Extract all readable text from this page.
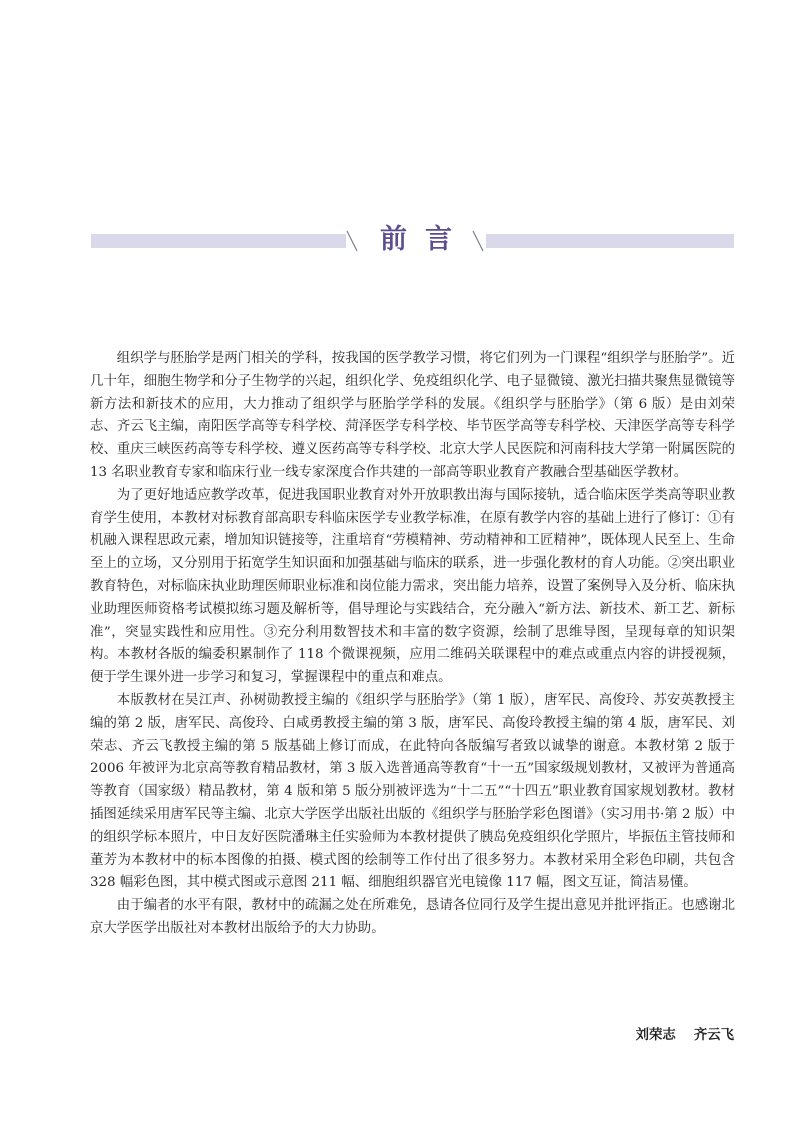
前言

组织学与胚胎学是两门相关的学科，按我国的医学教学习惯，将它们列为一门课程“组织学与胚胎学”。近几十年，细胞生物学和分子生物学的兴起，组织化学、免疫组织化学、电子显微镜、激光扫描共聚焦显微镜等新方法和新技术的应用，大力推动了组织学与胚胎学学科的发展。《组织学与胚胎学》（第 6 版）是由刘荣志、齐云飞主编，南阳医学高等专科学校、菏泽医学专科学校、毕节医学高等专科学校、天津医学高等专科学校、重庆三峡医药高等专科学校、遵义医药高等专科学校、北京大学人民医院和河南科技大学第一附属医院的 13 名职业教育专家和临床行业一线专家深度合作共建的一部高等职业教育产教融合型基础医学教材。

为了更好地适应教学改革，促进我国职业教育对外开放职教出海与国际接轨，适合临床医学类高等职业教育学生使用，本教材对标教育部高职专科临床医学专业教学标准，在原有教学内容的基础上进行了修订：①有机融入课程思政元素，增加知识链接等，注重培育“劳模精神、劳动精神和工匠精神”，既体现人民至上、生命至上的立场，又分别用于拓宽学生知识面和加强基础与临床的联系，进一步强化教材的育人功能。②突出职业教育特色，对标临床执业助理医师职业标准和岗位能力需求，突出能力培养，设置了案例导入及分析、临床执业助理医师资格考试模拟练习题及解析等，倡导理论与实践结合，充分融入“新方法、新技术、新工艺、新标准”，突显实践性和应用性。③充分利用数智技术和丰富的数字资源，绘制了思维导图，呈现每章的知识架构。本教材各版的编委积累制作了 118 个微课视频，应用二维码关联课程中的难点或重点内容的讲授视频，便于学生课外进一步学习和复习，掌握课程中的重点和难点。

本版教材在吴江声、孙树勋教授主编的《组织学与胚胎学》（第 1 版），唐军民、高俊玲、苏安英教授主编的第 2 版，唐军民、高俊玲、白咸勇教授主编的第 3 版，唐军民、高俊玲教授主编的第 4 版，唐军民、刘荣志、齐云飞教授主编的第 5 版基础上修订而成，在此特向各版编写者致以诚挚的谢意。本教材第 2 版于 2006 年被评为北京高等教育精品教材，第 3 版入选普通高等教育“十一五”国家级规划教材，又被评为普通高等教育（国家级）精品教材，第 4 版和第 5 版分别被评选为“十二五”“十四五”职业教育国家规划教材。教材插图延续采用唐军民等主编、北京大学医学出版社出版的《组织学与胚胎学彩色图谱》（实习用书·第 2 版）中的组织学标本照片，中日友好医院潘琳主任实验师为本教材提供了胰岛免疫组织化学照片，毕振伍主管技师和董芳为本教材中的标本图像的拍摄、模式图的绘制等工作付出了很多努力。本教材采用全彩色印刷，共包含 328 幅彩色图，其中模式图或示意图 211 幅、细胞组织器官光电镜像 117 幅，图文互证，简洁易懂。

由于编者的水平有限，教材中的疏漏之处在所难免，恳请各位同行及学生提出意见并批评指正。也感谢北京大学医学出版社对本教材出版给予的大力协助。

刘荣志 齐云飞
